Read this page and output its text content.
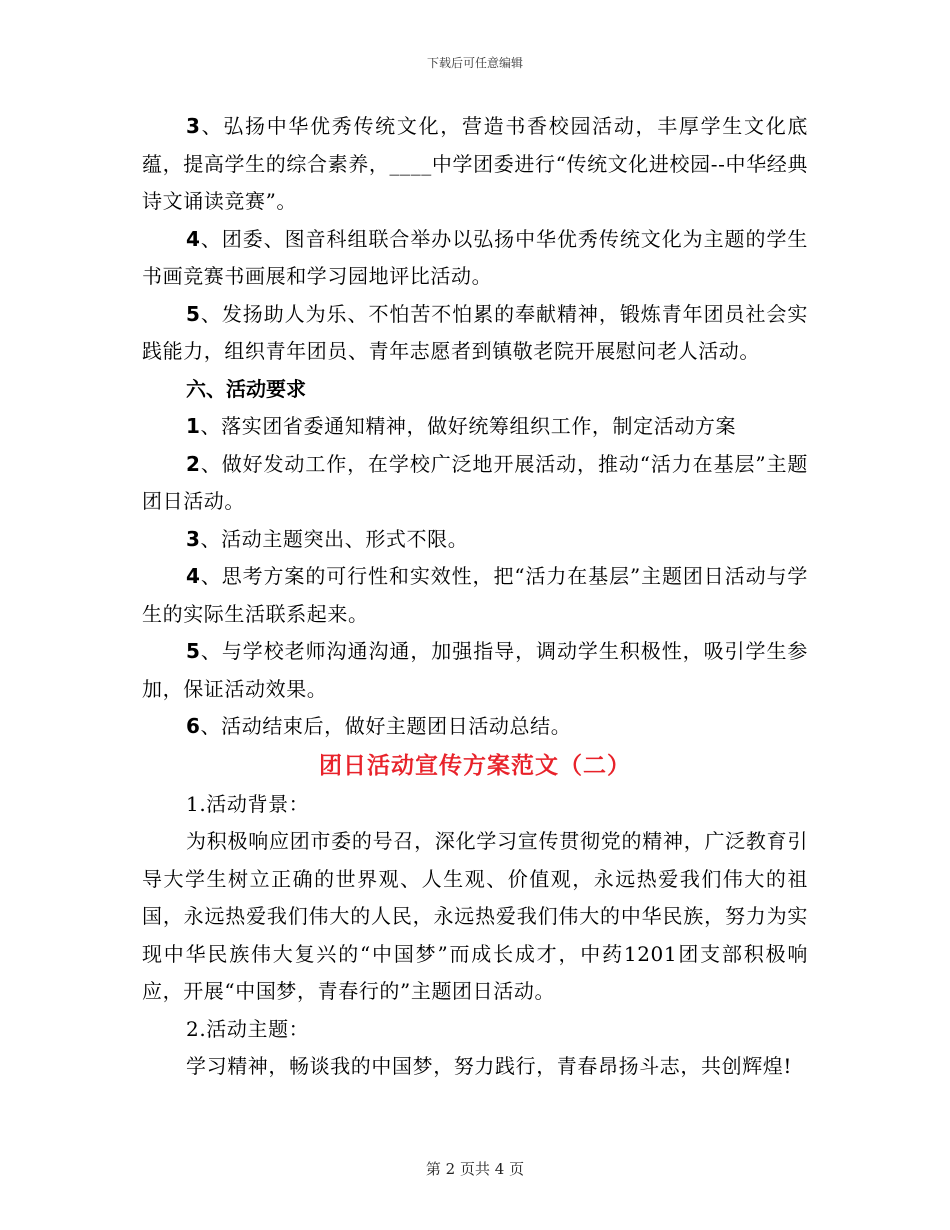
下载后可任意编辑

3、弘扬中华优秀传统文化，营造书香校园活动，丰厚学生文化底蕴，提高学生的综合素养，____中学团委进行“传统文化进校园--中华经典诗文诵读竞赛”。

4、团委、图音科组联合举办以弘扬中华优秀传统文化为主题的学生书画竞赛书画展和学习园地评比活动。

5、发扬助人为乐、不怕苦不怕累的奉献精神，锻炼青年团员社会实践能力，组织青年团员、青年志愿者到镇敬老院开展慰问老人活动。

六、活动要求

1、落实团省委通知精神，做好统筹组织工作，制定活动方案

2、做好发动工作，在学校广泛地开展活动，推动“活力在基层”主题团日活动。

3、活动主题突出、形式不限。

4、思考方案的可行性和实效性，把“活力在基层”主题团日活动与学生的实际生活联系起来。

5、与学校老师沟通沟通，加强指导，调动学生积极性，吸引学生参加，保证活动效果。

6、活动结束后，做好主题团日活动总结。

团日活动宣传方案范文（二）

1.活动背景：

为积极响应团市委的号召，深化学习宣传贯彻党的精神，广泛教育引导大学生树立正确的世界观、人生观、价值观，永远热爱我们伟大的祖国，永远热爱我们伟大的人民，永远热爱我们伟大的中华民族，努力为实现中华民族伟大复兴的“中国梦”而成长成才，中药1201团支部积极响应，开展“中国梦，青春行的”主题团日活动。

2.活动主题：

学习精神，畅谈我的中国梦，努力践行，青春昂扬斗志，共创辉煌!

第 2 页共 4 页
